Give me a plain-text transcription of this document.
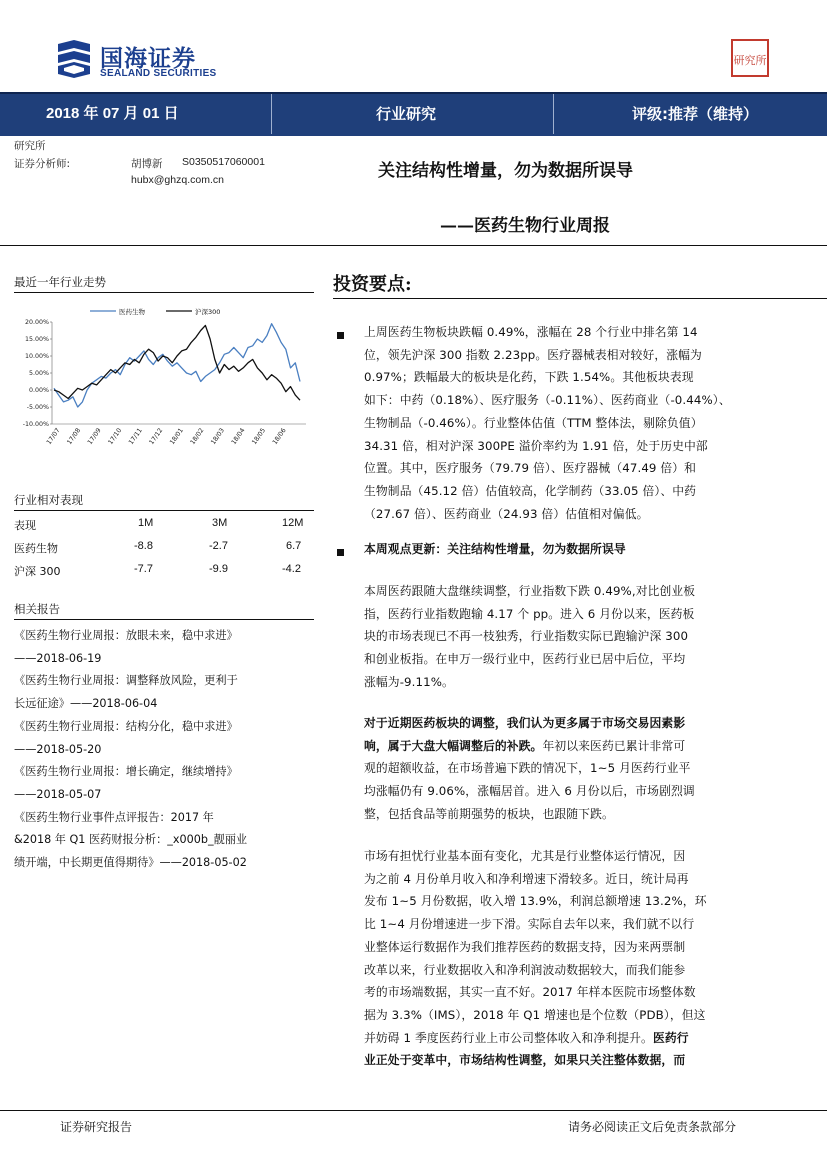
国海证券
SEALAND SECURITIES
研究所
2018 年 07 月 01 日	行业研究	评级:推荐（维持）
研究所
证券分析师:	胡博新 S0350517060001
hubx@ghzq.com.cn	关注结构性增量，勿为数据所误导
——医药生物行业周报
最近一年行业走势
20.00%
15.00%
10.00%
5.00%
0.00%
-5.00%
-10.00%
17/07 17/08 17/09 17/10 17/11 17/12 18/01 18/02 18/03 18/04 18/05 18/06
医药生物	沪深300
行业相对表现
表现	1M	3M	12M
医药生物	-8.8	-2.7	6.7
沪深 300	-7.7	-9.9	-4.2
相关报告
《医药生物行业周报：放眼未来，稳中求进》
——2018-06-19
《医药生物行业周报：调整释放风险，更利于
长远征途》——2018-06-04
《医药生物行业周报：结构分化，稳中求进》
——2018-05-20
《医药生物行业周报：增长确定，继续增持》
——2018-05-07
《医药生物行业事件点评报告：2017 年
&2018 年 Q1 医药财报分析：_x000b_靓丽业
绩开端，中长期更值得期待》——2018-05-02
投资要点:
上周医药生物板块跌幅 0.49%，涨幅在 28 个行业中排名第 14
位，领先沪深 300 指数 2.23pp。医疗器械表相对较好，涨幅为
0.97%；跌幅最大的板块是化药，下跌 1.54%。其他板块表现
如下：中药（0.18%）、医疗服务（-0.11%）、医药商业（-0.44%）、
生物制品（-0.46%）。行业整体估值（TTM 整体法，剔除负值）
34.31 倍，相对沪深 300PE 溢价率约为 1.91 倍，处于历史中部
位置。其中，医疗服务（79.79 倍）、医疗器械（47.49 倍）和
生物制品（45.12 倍）估值较高，化学制药（33.05 倍）、中药
（27.67 倍）、医药商业（24.93 倍）估值相对偏低。
本周观点更新：关注结构性增量，勿为数据所误导
本周医药跟随大盘继续调整，行业指数下跌 0.49%,对比创业板
指，医药行业指数跑输 4.17 个 pp。进入 6 月份以来，医药板
块的市场表现已不再一枝独秀，行业指数实际已跑输沪深 300
和创业板指。在申万一级行业中，医药行业已居中后位，平均
涨幅为-9.11%。
对于近期医药板块的调整，我们认为更多属于市场交易因素影
响，属于大盘大幅调整后的补跌。年初以来医药已累计非常可
观的超额收益，在市场普遍下跌的情况下，1~5 月医药行业平
均涨幅仍有 9.06%，涨幅居首。进入 6 月份以后，市场剧烈调
整，包括食品等前期强势的板块，也跟随下跌。
市场有担忧行业基本面有变化，尤其是行业整体运行情况，因
为之前 4 月份单月收入和净利增速下滑较多。近日，统计局再
发布 1~5 月份数据，收入增 13.9%，利润总额增速 13.2%，环
比 1~4 月份增速进一步下滑。实际自去年以来，我们就不以行
业整体运行数据作为我们推荐医药的数据支持，因为来两票制
改革以来，行业数据收入和净利润波动数据较大，而我们能参
考的市场端数据，其实一直不好。2017 年样本医院市场整体数
据为 3.3%（IMS），2018 年 Q1 增速也是个位数（PDB），但这
并妨碍 1 季度医药行业上市公司整体收入和净利提升。医药行
业正处于变革中，市场结构性调整，如果只关注整体数据，而
证券研究报告	请务必阅读正文后免责条款部分
